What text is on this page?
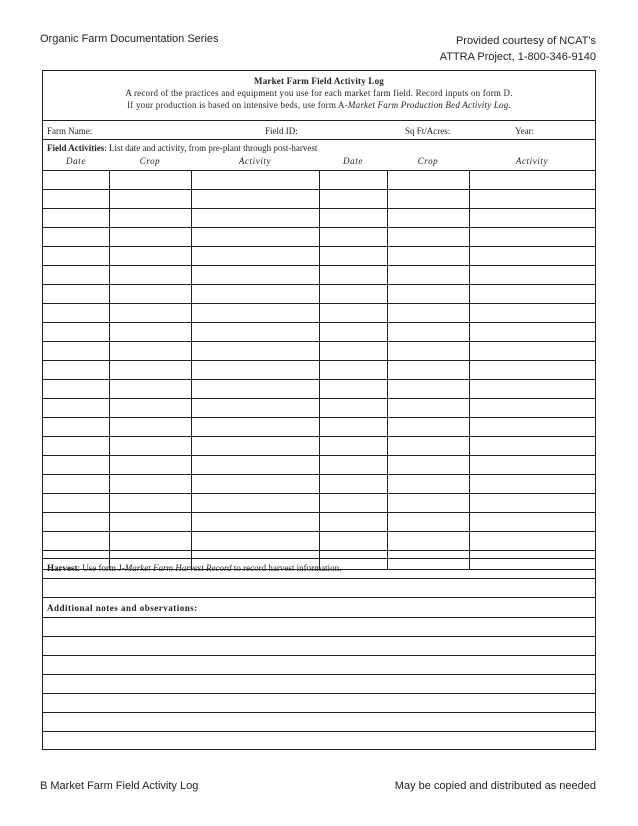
Organic Farm Documentation Series	Provided courtesy of NCAT's
ATTRA Project, 1-800-346-9140
Market Farm Field Activity Log
A record of the practices and equipment you use for each market farm field. Record inputs on form D.
If your production is based on intensive beds, use form A-Market Farm Production Bed Activity Log.
Farm Name:	Field ID:	Sq Ft/Acres:	Year:
Field Activities: List date and activity, from pre-plant through post-harvest
Date	Crop	Activity	Date	Crop	Activity

Harvest: Use form J-Market Farm Harvest Record to record harvest information.
Additional notes and observations:
B Market Farm Field Activity Log	May be copied and distributed as needed
